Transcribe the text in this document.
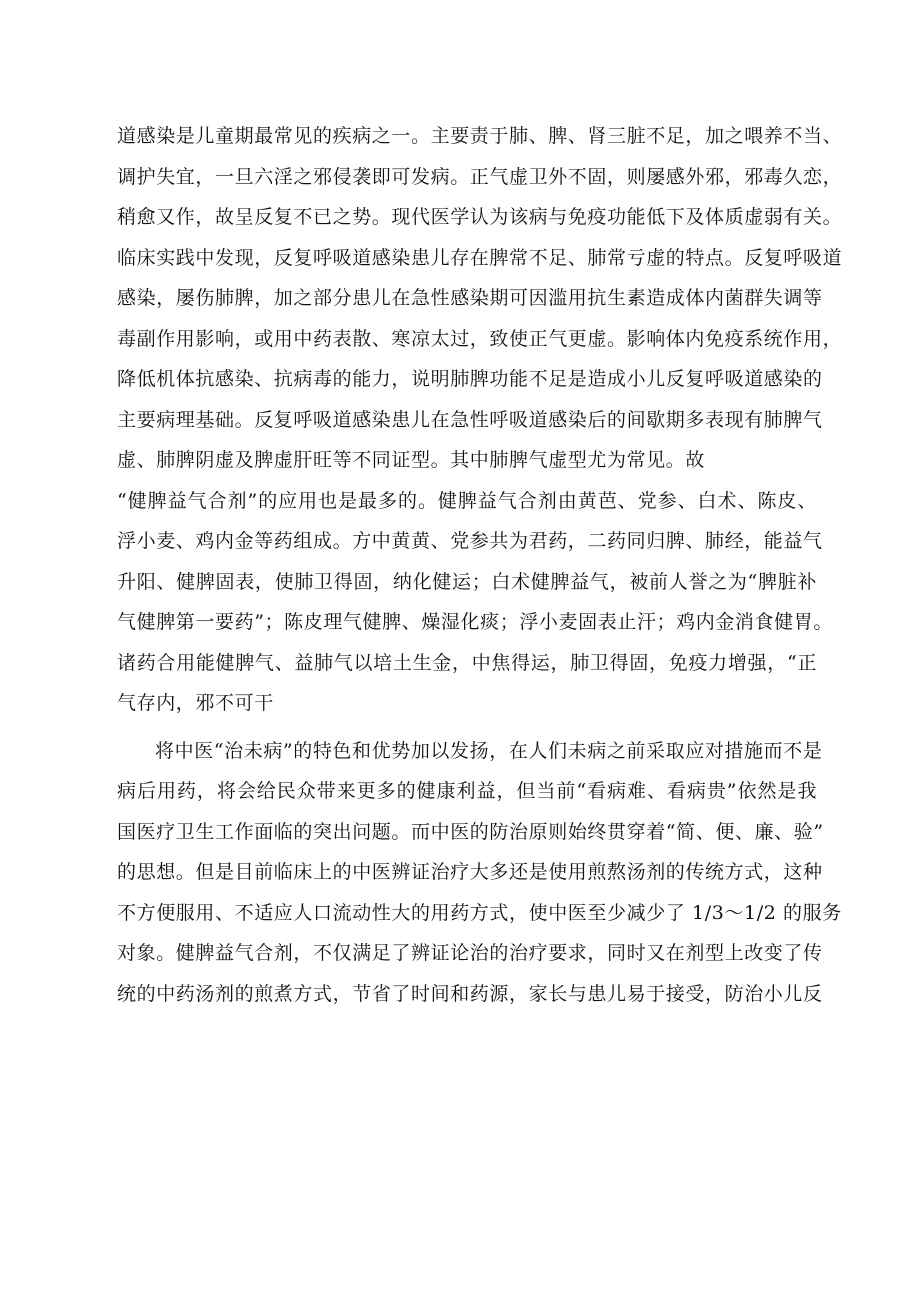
道感染是儿童期最常见的疾病之一。主要责于肺、脾、肾三脏不足，加之喂养不当、
调护失宜，一旦六淫之邪侵袭即可发病。正气虚卫外不固，则屡感外邪，邪毒久恋，
稍愈又作，故呈反复不已之势。现代医学认为该病与免疫功能低下及体质虚弱有关。
临床实践中发现，反复呼吸道感染患儿存在脾常不足、肺常亏虚的特点。反复呼吸道
感染，屡伤肺脾，加之部分患儿在急性感染期可因滥用抗生素造成体内菌群失调等
毒副作用影响，或用中药表散、寒凉太过，致使正气更虚。影响体内免疫系统作用，
降低机体抗感染、抗病毒的能力，说明肺脾功能不足是造成小儿反复呼吸道感染的
主要病理基础。反复呼吸道感染患儿在急性呼吸道感染后的间歇期多表现有肺脾气
虚、肺脾阴虚及脾虚肝旺等不同证型。其中肺脾气虚型尤为常见。故
“健脾益气合剂”的应用也是最多的。健脾益气合剂由黄芭、党参、白术、陈皮、
浮小麦、鸡内金等药组成。方中黄黄、党参共为君药，二药同归脾、肺经，能益气
升阳、健脾固表，使肺卫得固，纳化健运；白术健脾益气，被前人誉之为“脾脏补
气健脾第一要药”；陈皮理气健脾、燥湿化痰；浮小麦固表止汗；鸡内金消食健胃。
诸药合用能健脾气、益肺气以培土生金，中焦得运，肺卫得固，免疫力增强，“正
气存内，邪不可干
将中医“治未病”的特色和优势加以发扬，在人们未病之前采取应对措施而不是
病后用药，将会给民众带来更多的健康利益，但当前“看病难、看病贵”依然是我
国医疗卫生工作面临的突出问题。而中医的防治原则始终贯穿着“简、便、廉、验”
的思想。但是目前临床上的中医辨证治疗大多还是使用煎熬汤剂的传统方式，这种
不方便服用、不适应人口流动性大的用药方式，使中医至少减少了 1/3～1/2 的服务
对象。健脾益气合剂，不仅满足了辨证论治的治疗要求，同时又在剂型上改变了传
统的中药汤剂的煎煮方式，节省了时间和药源，家长与患儿易于接受，防治小儿反
